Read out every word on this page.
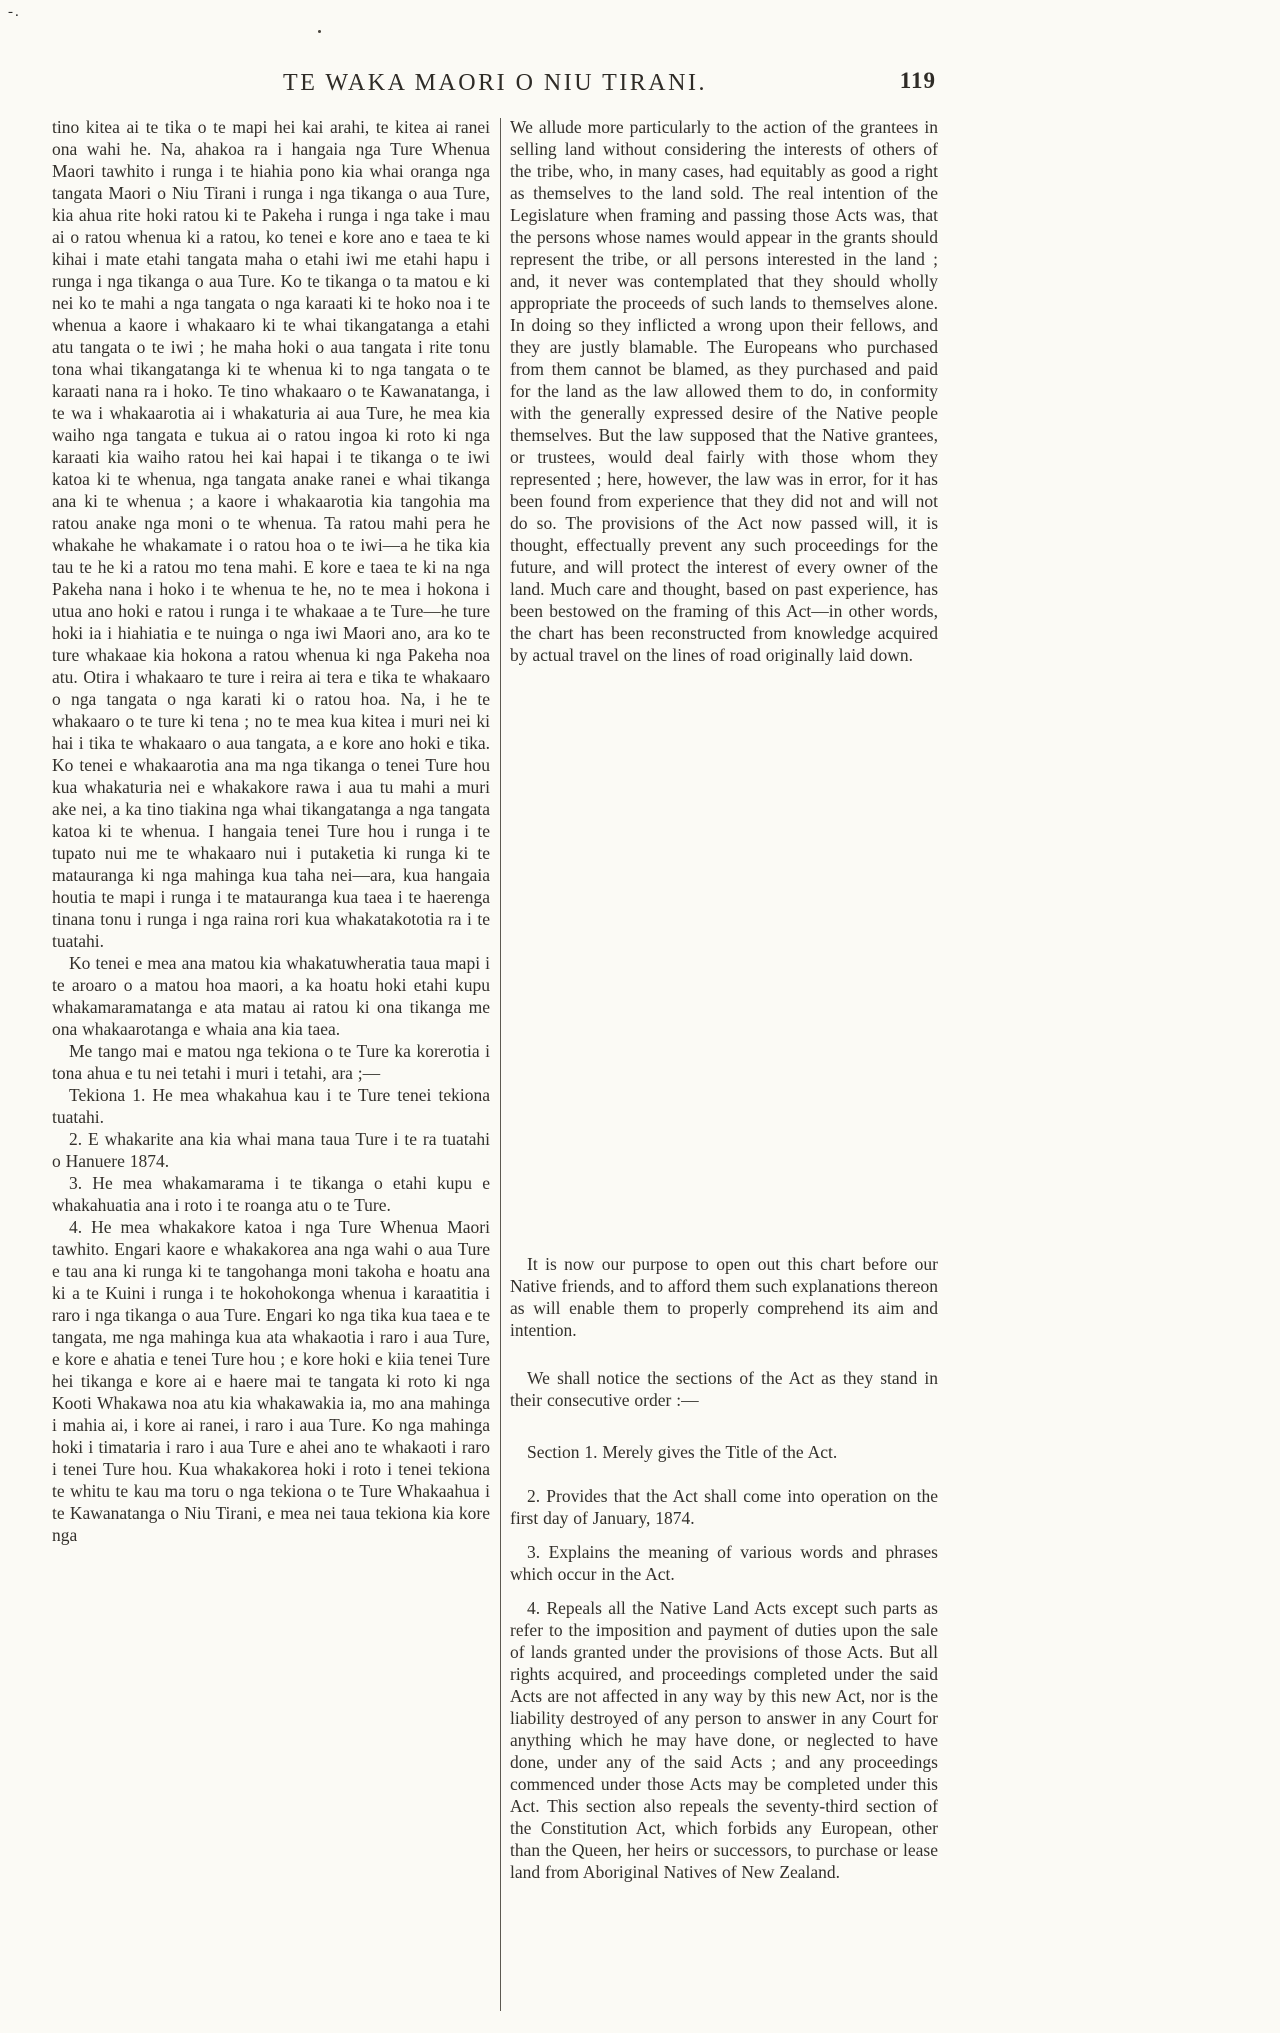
-.
TE WAKA MAORI O NIU TIRANI.	119

tino kitea ai te tika o te mapi hei kai arahi, te kitea ai ranei ona wahi he. Na, ahakoa ra i hangaia nga Ture Whenua Maori tawhito i runga i te hiahia pono kia whai oranga nga tangata Maori o Niu Tirani i runga i nga tikanga o aua Ture, kia ahua rite hoki ratou ki te Pakeha i runga i nga take i mau ai o ratou whenua ki a ratou, ko tenei e kore ano e taea te ki kihai i mate etahi tangata maha o etahi iwi me etahi hapu i runga i nga tikanga o aua Ture. Ko te tikanga o ta matou e ki nei ko te mahi a nga tangata o nga karaati ki te hoko noa i te whenua a kaore i whakaaro ki te whai tikangatanga a etahi atu tangata o te iwi ; he maha hoki o aua tangata i rite tonu tona whai tikangatanga ki te whenua ki to nga tangata o te karaati nana ra i hoko. Te tino whakaaro o te Kawanatanga, i te wa i whakaarotia ai i whakaturia ai aua Ture, he mea kia waiho nga tangata e tukua ai o ratou ingoa ki roto ki nga karaati kia waiho ratou hei kai hapai i te tikanga o te iwi katoa ki te whenua, nga tangata anake ranei e whai tikanga ana ki te whenua ; a kaore i whakaarotia kia tangohia ma ratou anake nga moni o te whenua. Ta ratou mahi pera he whakahe he whakamate i o ratou hoa o te iwi—a he tika kia tau te he ki a ratou mo tena mahi. E kore e taea te ki na nga Pakeha nana i hoko i te whenua te he, no te mea i hokona i utua ano hoki e ratou i runga i te whakaae a te Ture—he ture hoki ia i hiahiatia e te nuinga o nga iwi Maori ano, ara ko te ture whakaae kia hokona a ratou whenua ki nga Pakeha noa atu. Otira i whakaaro te ture i reira ai tera e tika te whakaaro o nga tangata o nga karati ki o ratou hoa. Na, i he te whakaaro o te ture ki tena ; no te mea kua kitea i muri nei ki hai i tika te whakaaro o aua tangata, a e kore ano hoki e tika. Ko tenei e whakaarotia ana ma nga tikanga o tenei Ture hou kua whakaturia nei e whakakore rawa i aua tu mahi a muri ake nei, a ka tino tiakina nga whai tikangatanga a nga tangata katoa ki te whenua. I hangaia tenei Ture hou i runga i te tupato nui me te whakaaro nui i putaketia ki runga ki te matauranga ki nga mahinga kua taha nei—ara, kua hangaia houtia te mapi i runga i te matauranga kua taea i te haerenga tinana tonu i runga i nga raina rori kua whakatakototia ra i te tuatahi.

Ko tenei e mea ana matou kia whakatuwheratia taua mapi i te aroaro o a matou hoa maori, a ka hoatu hoki etahi kupu whakamaramatanga e ata matau ai ratou ki ona tikanga me ona whakaarotanga e whaia ana kia taea.

Me tango mai e matou nga tekiona o te Ture ka korerotia i tona ahua e tu nei tetahi i muri i tetahi, ara ;—

Tekiona 1. He mea whakahua kau i te Ture tenei tekiona tuatahi.

2. E whakarite ana kia whai mana taua Ture i te ra tuatahi o Hanuere 1874.

3. He mea whakamarama i te tikanga o etahi kupu e whakahuatia ana i roto i te roanga atu o te Ture.

4. He mea whakakore katoa i nga Ture Whenua Maori tawhito. Engari kaore e whakakorea ana nga wahi o aua Ture e tau ana ki runga ki te tangohanga moni takoha e hoatu ana ki a te Kuini i runga i te hokohokonga whenua i karaatitia i raro i nga tikanga o aua Ture. Engari ko nga tika kua taea e te tangata, me nga mahinga kua ata whakaotia i raro i aua Ture, e kore e ahatia e tenei Ture hou ; e kore hoki e kiia tenei Ture hei tikanga e kore ai e haere mai te tangata ki roto ki nga Kooti Whakawa noa atu kia whakawakia ia, mo ana mahinga i mahia ai, i kore ai ranei, i raro i aua Ture. Ko nga mahinga hoki i timataria i raro i aua Ture e ahei ano te whakaoti i raro i tenei Ture hou. Kua whakakorea hoki i roto i tenei tekiona te whitu te kau ma toru o nga tekiona o te Ture Whakaahua i te Kawanatanga o Niu Tirani, e mea nei taua tekiona kia kore nga

We allude more particularly to the action of the grantees in selling land without considering the interests of others of the tribe, who, in many cases, had equitably as good a right as themselves to the land sold. The real intention of the Legislature when framing and passing those Acts was, that the persons whose names would appear in the grants should represent the tribe, or all persons interested in the land ; and, it never was contemplated that they should wholly appropriate the proceeds of such lands to themselves alone. In doing so they inflicted a wrong upon their fellows, and they are justly blamable. The Europeans who purchased from them cannot be blamed, as they purchased and paid for the land as the law allowed them to do, in conformity with the generally expressed desire of the Native people themselves. But the law supposed that the Native grantees, or trustees, would deal fairly with those whom they represented ; here, however, the law was in error, for it has been found from experience that they did not and will not do so. The provisions of the Act now passed will, it is thought, effectually prevent any such proceedings for the future, and will protect the interest of every owner of the land. Much care and thought, based on past experience, has been bestowed on the framing of this Act—in other words, the chart has been reconstructed from knowledge acquired by actual travel on the lines of road originally laid down.

It is now our purpose to open out this chart before our Native friends, and to afford them such explanations thereon as will enable them to properly comprehend its aim and intention.

We shall notice the sections of the Act as they stand in their consecutive order :—

Section 1. Merely gives the Title of the Act.

2. Provides that the Act shall come into operation on the first day of January, 1874.

3. Explains the meaning of various words and phrases which occur in the Act.

4. Repeals all the Native Land Acts except such parts as refer to the imposition and payment of duties upon the sale of lands granted under the provisions of those Acts. But all rights acquired, and proceedings completed under the said Acts are not affected in any way by this new Act, nor is the liability destroyed of any person to answer in any Court for anything which he may have done, or neglected to have done, under any of the said Acts ; and any proceedings commenced under those Acts may be completed under this Act. This section also repeals the seventy-third section of the Constitution Act, which forbids any European, other than the Queen, her heirs or successors, to purchase or lease land from Aboriginal Natives of New Zealand.
